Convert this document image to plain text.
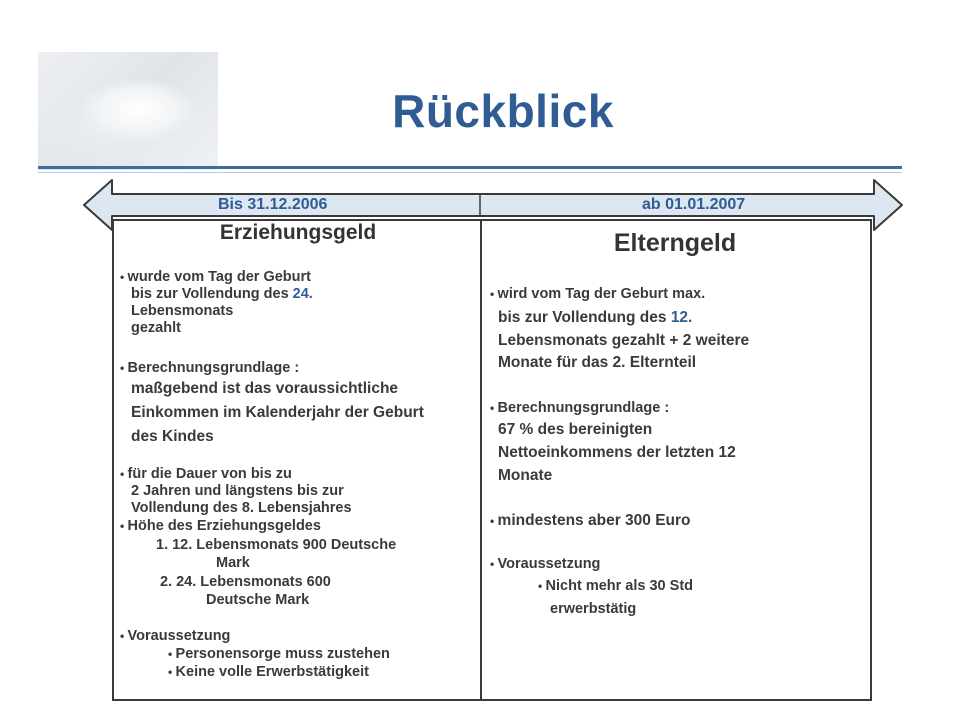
Rückblick
Bis 31.12.2006	ab 01.01.2007
Erziehungsgeld
• wurde vom Tag der Geburt
bis zur Vollendung des 24.
Lebensmonats
gezahlt
• Berechnungsgrundlage :
maßgebend ist das voraussichtliche
Einkommen im Kalenderjahr der Geburt
des Kindes
• für die Dauer von bis zu
2 Jahren und längstens bis zur
Vollendung des 8. Lebensjahres
• Höhe des Erziehungsgeldes
1. 12. Lebensmonats 900 Deutsche
Mark
2. 24. Lebensmonats 600
Deutsche Mark
• Voraussetzung
• Personensorge muss zustehen
• Keine volle Erwerbstätigkeit
Elterngeld
• wird vom Tag der Geburt max.
bis zur Vollendung des 12.
Lebensmonats gezahlt + 2 weitere
Monate für das 2. Elternteil
• Berechnungsgrundlage :
67 % des bereinigten
Nettoeinkommens der letzten 12
Monate
• mindestens aber 300 Euro
• Voraussetzung
• Nicht mehr als 30 Std
erwerbstätig
